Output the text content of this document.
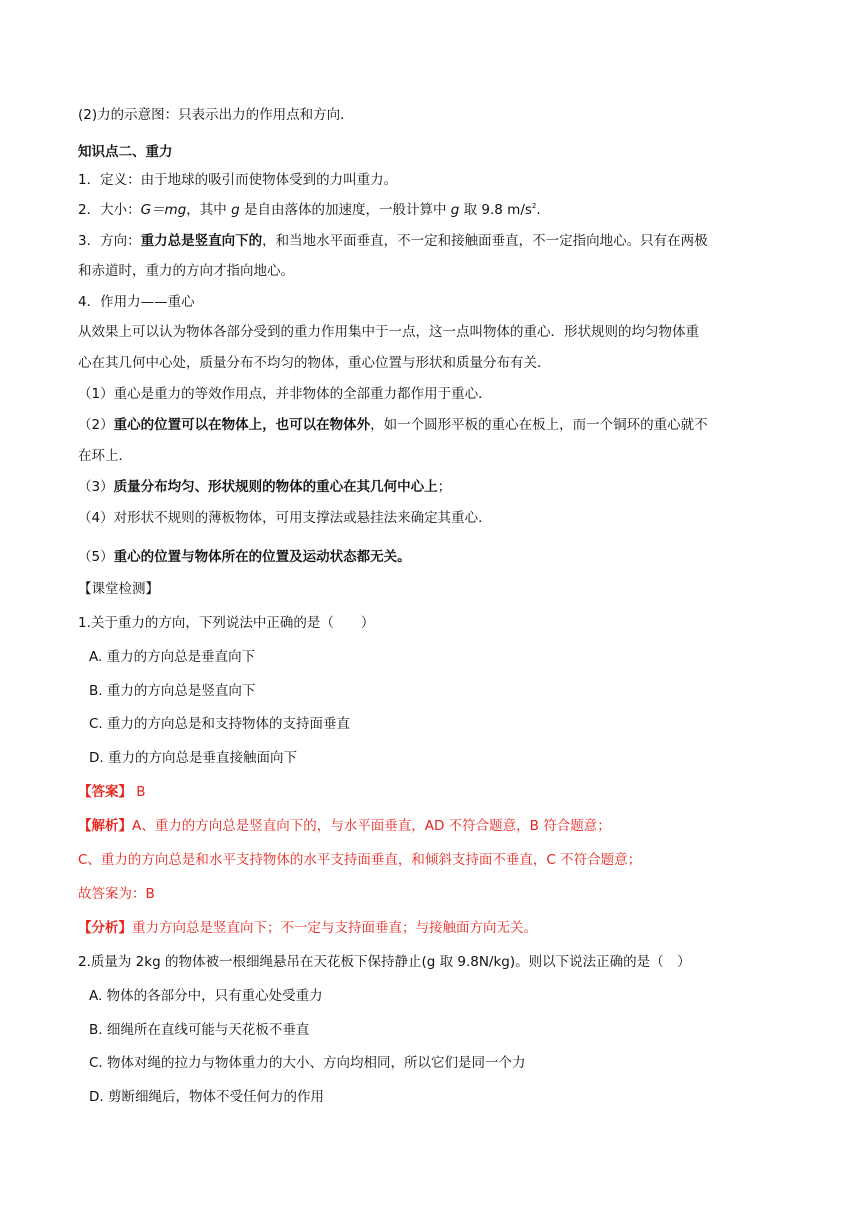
(2)力的示意图：只表示出力的作用点和方向．
知识点二、重力
1．定义：由于地球的吸引而使物体受到的力叫重力。
2．大小：G＝mg，其中 g 是自由落体的加速度，一般计算中 g 取 9.8 $m/s^2$.
3．方向：重力总是竖直向下的，和当地水平面垂直，不一定和接触面垂直，不一定指向地心。只有在两极
和赤道时，重力的方向才指向地心。
4．作用力——重心
从效果上可以认为物体各部分受到的重力作用集中于一点，这一点叫物体的重心．形状规则的均匀物体重
心在其几何中心处，质量分布不均匀的物体，重心位置与形状和质量分布有关．
（1）重心是重力的等效作用点，并非物体的全部重力都作用于重心．
（2）重心的位置可以在物体上，也可以在物体外，如一个圆形平板的重心在板上，而一个铜环的重心就不
在环上．
（3）质量分布均匀、形状规则的物体的重心在其几何中心上；
（4）对形状不规则的薄板物体，可用支撑法或悬挂法来确定其重心．
（5）重心的位置与物体所在的位置及运动状态都无关。
【课堂检测】
1.关于重力的方向，下列说法中正确的是（　　）
A. 重力的方向总是垂直向下
B. 重力的方向总是竖直向下
C. 重力的方向总是和支持物体的支持面垂直
D. 重力的方向总是垂直接触面向下
【答案】 B
【解析】A、重力的方向总是竖直向下的，与水平面垂直，AD 不符合题意，B 符合题意；
C、重力的方向总是和水平支持物体的水平支持面垂直，和倾斜支持面不垂直，C 不符合题意；
故答案为：B
【分析】重力方向总是竖直向下；不一定与支持面垂直；与接触面方向无关。
2.质量为 2kg 的物体被一根细绳悬吊在天花板下保持静止(g 取 9.8N/kg)。则以下说法正确的是（　）
A. 物体的各部分中，只有重心处受重力
B. 细绳所在直线可能与天花板不垂直
C. 物体对绳的拉力与物体重力的大小、方向均相同，所以它们是同一个力
D. 剪断细绳后，物体不受任何力的作用
